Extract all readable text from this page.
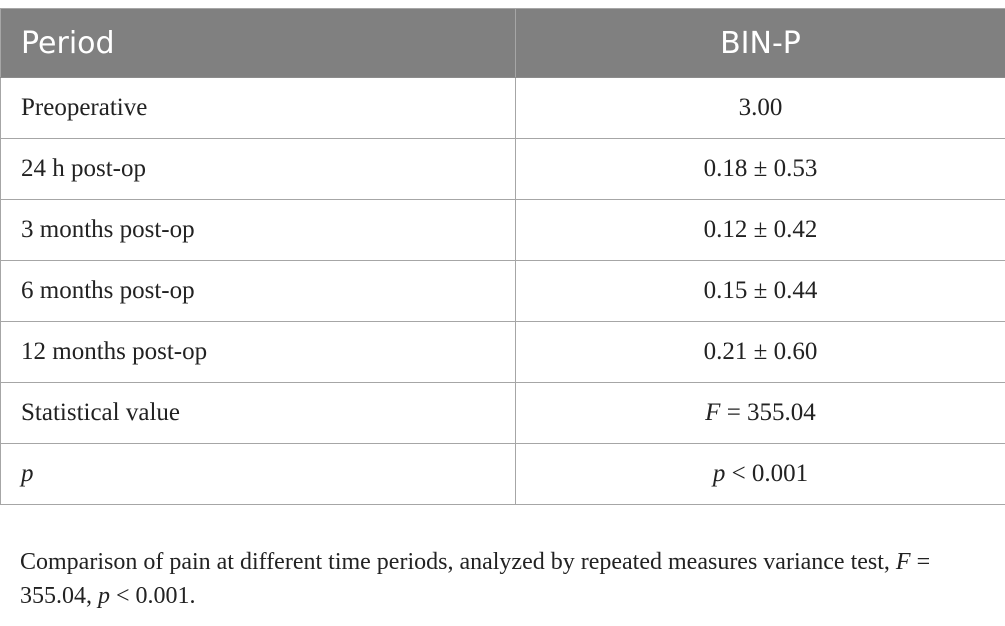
Period	BIN-P
Preoperative	3.00
24 h post-op	0.18 ± 0.53
3 months post-op	0.12 ± 0.42
6 months post-op	0.15 ± 0.44
12 months post-op	0.21 ± 0.60
Statistical value	F = 355.04
p	p < 0.001
Comparison of pain at different time periods, analyzed by repeated measures variance test, F = 355.04, p < 0.001.
